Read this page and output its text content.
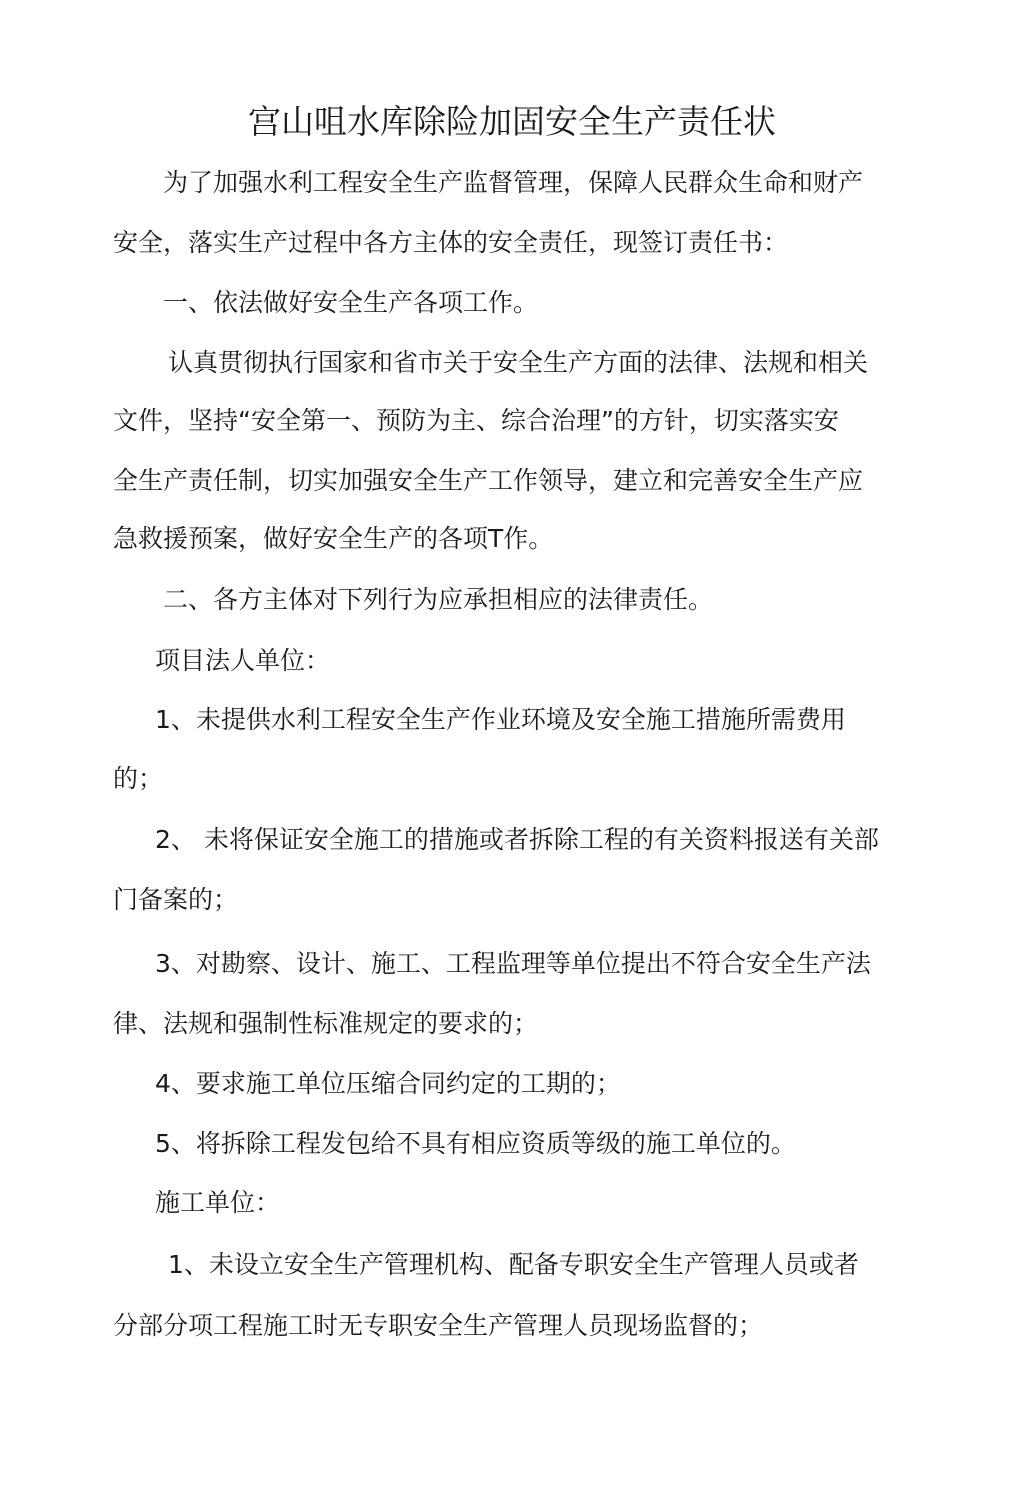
宫山咀水库除险加固安全生产责任状
为了加强水利工程安全生产监督管理，保障人民群众生命和财产
安全，落实生产过程中各方主体的安全责任，现签订责任书：
一、依法做好安全生产各项工作。
认真贯彻执行国家和省市关于安全生产方面的法律、法规和相关
文件，坚持“安全第一、预防为主、综合治理”的方针，切实落实安
全生产责任制，切实加强安全生产工作领导，建立和完善安全生产应
急救援预案，做好安全生产的各项T作。
二、各方主体对下列行为应承担相应的法律责任。
项目法人单位：
1、未提供水利工程安全生产作业环境及安全施工措施所需费用
的；
2、 未将保证安全施工的措施或者拆除工程的有关资料报送有关部
门备案的；
3、对勘察、设计、施工、工程监理等单位提出不符合安全生产法
律、法规和强制性标准规定的要求的；
4、要求施工单位压缩合同约定的工期的；
5、将拆除工程发包给不具有相应资质等级的施工单位的。
施工单位：
1、未设立安全生产管理机构、配备专职安全生产管理人员或者
分部分项工程施工时无专职安全生产管理人员现场监督的；
